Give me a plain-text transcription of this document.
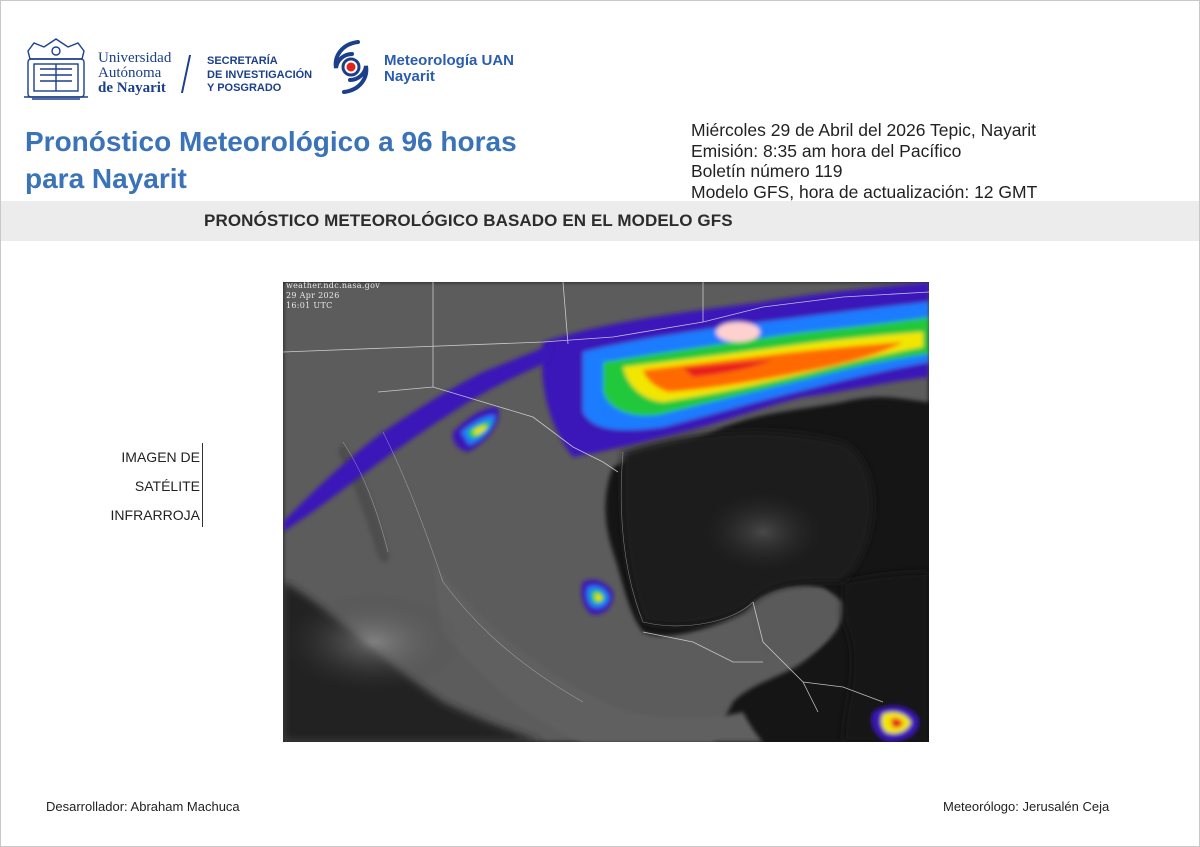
Universidad
Autónoma
de Nayarit
SECRETARÍA
DE INVESTIGACIÓN
Y POSGRADO
Meteorología UAN
Nayarit
Pronóstico Meteorológico a 96 horas
para Nayarit
Miércoles 29 de Abril del 2026 Tepic, Nayarit
Emisión: 8:35 am hora del Pacífico
Boletín número 119
Modelo GFS, hora de actualización: 12 GMT
PRONÓSTICO METEOROLÓGICO BASADO EN EL MODELO GFS
IMAGEN DE
SATÉLITE
INFRARROJA
weather.ndc.nasa.gov
29 Apr 2026
16:01 UTC
Desarrollador: Abraham Machuca	Meteorólogo: Jerusalén Ceja
